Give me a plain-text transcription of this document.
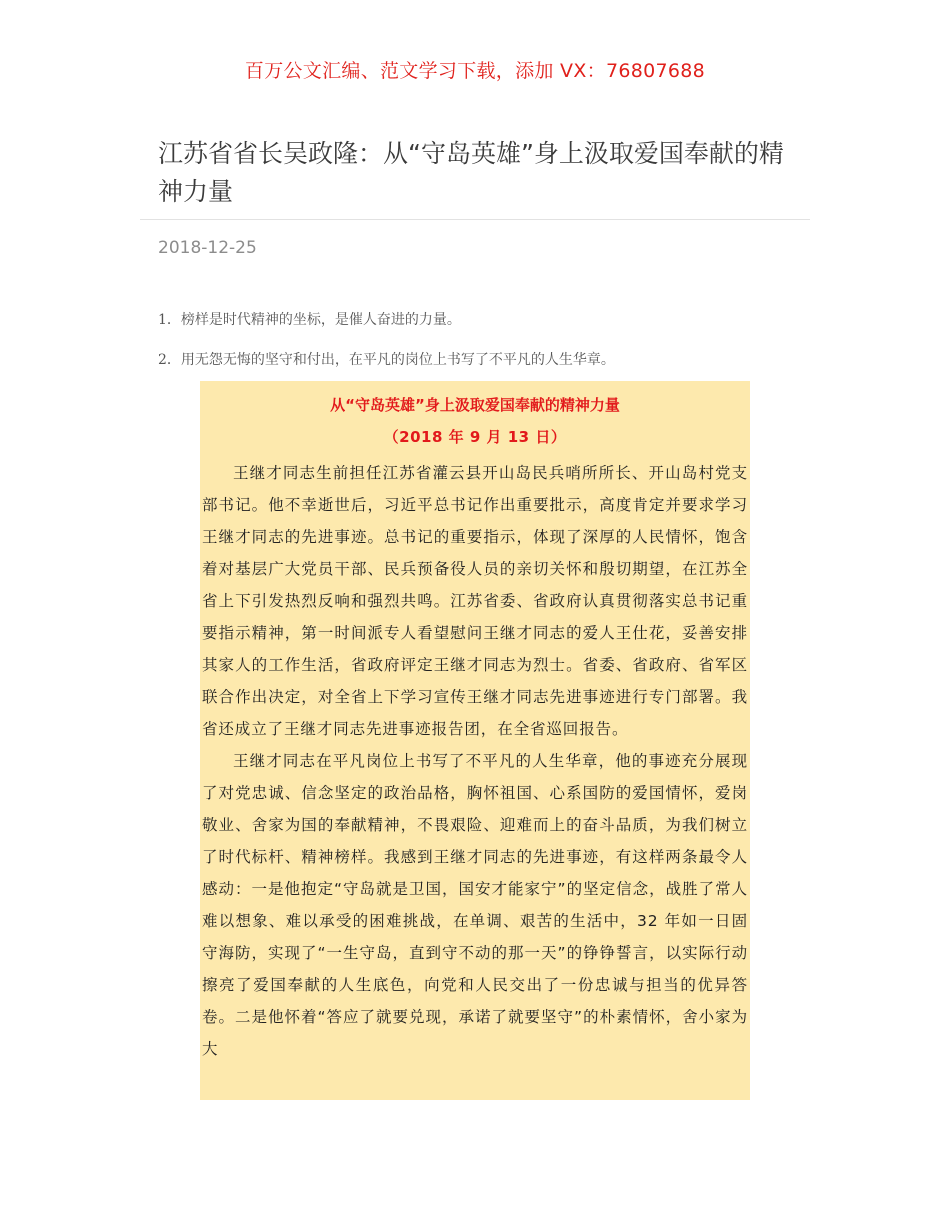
百万公文汇编、范文学习下载，添加 VX：76807688
江苏省省长吴政隆：从“守岛英雄”身上汲取爱国奉献的精神力量
2018-12-25
1．榜样是时代精神的坐标，是催人奋进的力量。
2．用无怨无悔的坚守和付出，在平凡的岗位上书写了不平凡的人生华章。

从“守岛英雄”身上汲取爱国奉献的精神力量

（2018 年 9 月 13 日）

王继才同志生前担任江苏省灌云县开山岛民兵哨所所长、开山岛村党支部书记。他不幸逝世后，习近平总书记作出重要批示，高度肯定并要求学习王继才同志的先进事迹。总书记的重要指示，体现了深厚的人民情怀，饱含着对基层广大党员干部、民兵预备役人员的亲切关怀和殷切期望，在江苏全省上下引发热烈反响和强烈共鸣。江苏省委、省政府认真贯彻落实总书记重要指示精神，第一时间派专人看望慰问王继才同志的爱人王仕花，妥善安排其家人的工作生活，省政府评定王继才同志为烈士。省委、省政府、省军区联合作出决定，对全省上下学习宣传王继才同志先进事迹进行专门部署。我省还成立了王继才同志先进事迹报告团，在全省巡回报告。

王继才同志在平凡岗位上书写了不平凡的人生华章，他的事迹充分展现了对党忠诚、信念坚定的政治品格，胸怀祖国、心系国防的爱国情怀，爱岗敬业、舍家为国的奉献精神，不畏艰险、迎难而上的奋斗品质，为我们树立了时代标杆、精神榜样。我感到王继才同志的先进事迹，有这样两条最令人感动：一是他抱定“守岛就是卫国，国安才能家宁”的坚定信念，战胜了常人难以想象、难以承受的困难挑战，在单调、艰苦的生活中，32 年如一日固守海防，实现了“一生守岛，直到守不动的那一天”的铮铮誓言，以实际行动擦亮了爱国奉献的人生底色，向党和人民交出了一份忠诚与担当的优异答卷。二是他怀着“答应了就要兑现，承诺了就要坚守”的朴素情怀，舍小家为大
